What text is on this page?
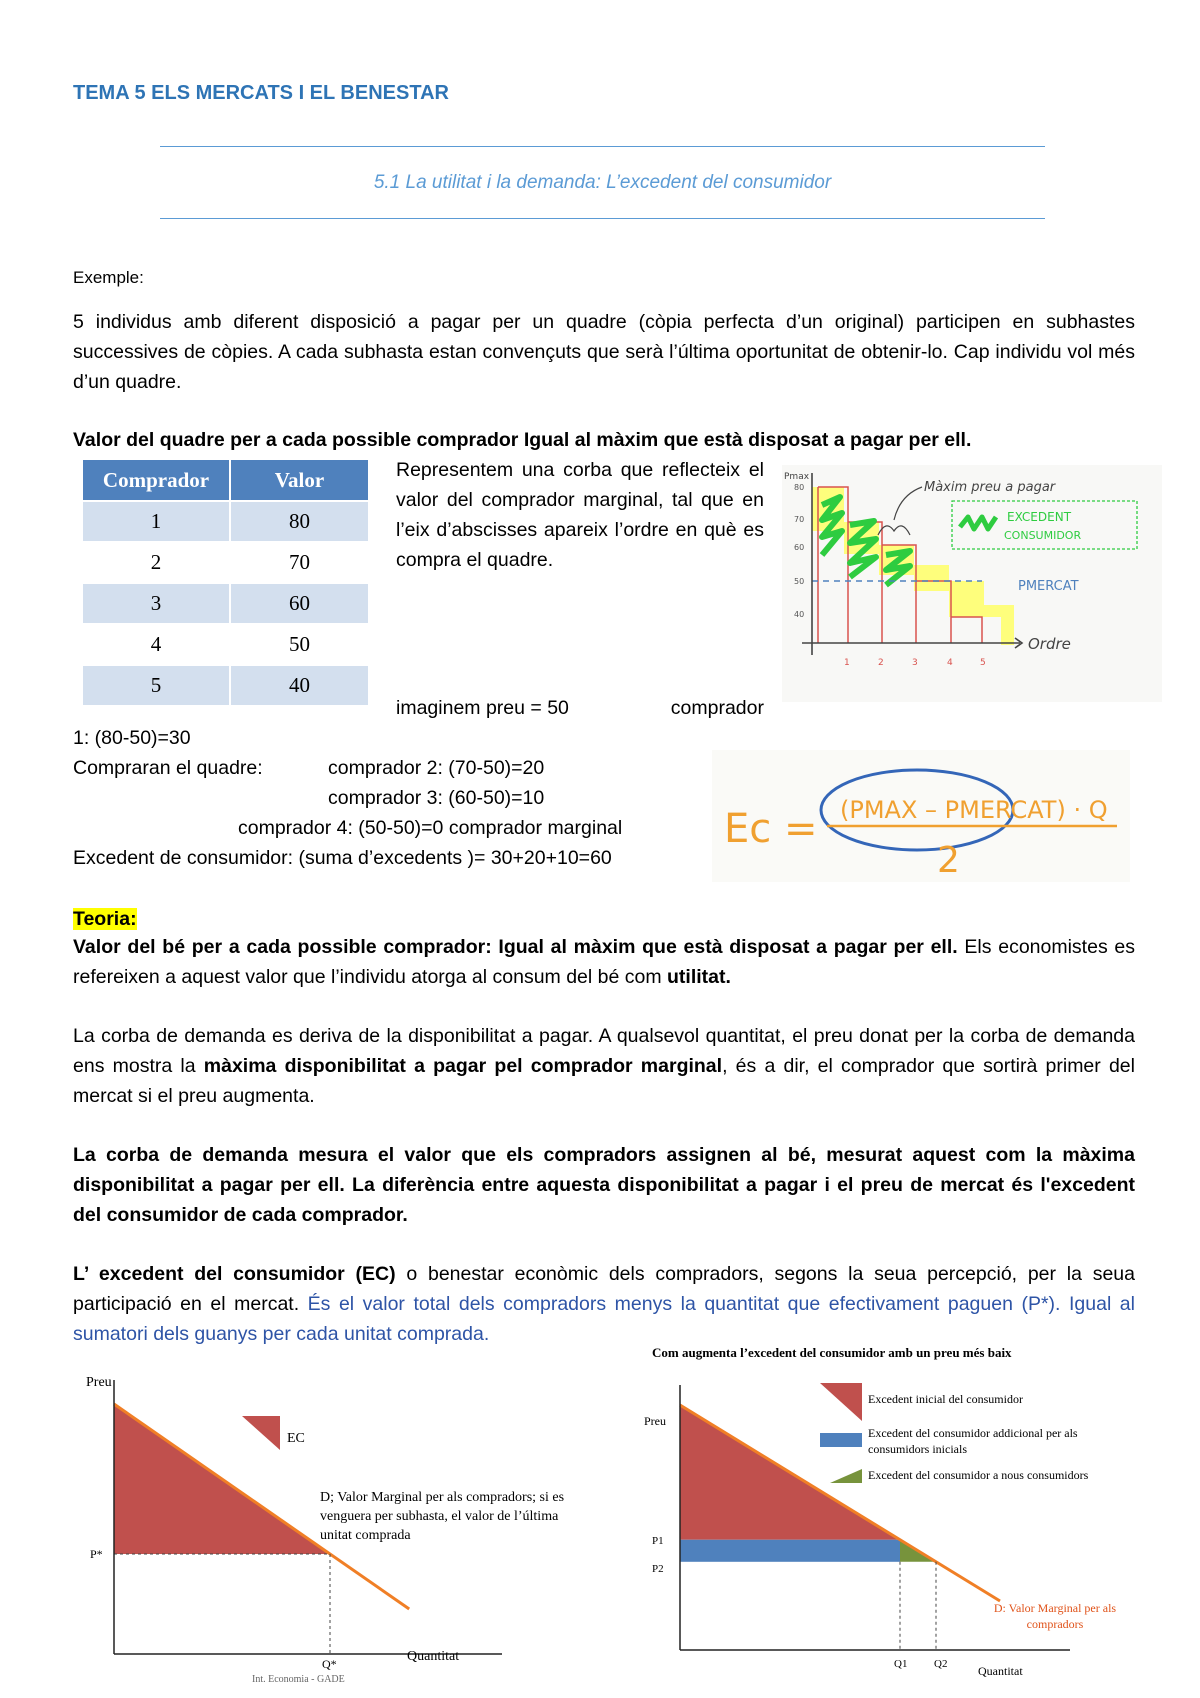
TEMA 5 ELS MERCATS I EL BENESTAR
5.1 La utilitat i la demanda: L’excedent del consumidor
Exemple:
5 individus amb diferent disposició a pagar per un quadre (còpia perfecta d’un original) participen en subhastes successives de còpies. A cada subhasta estan convençuts que serà l’última oportunitat de obtenir-lo. Cap individu vol més d’un quadre.
Valor del quadre per a cada possible comprador Igual al màxim que està disposat a pagar per ell.
Comprador	Valor
1	80
2	70
3	60
4	50
5	40
Representem una corba que reflecteix el valor del comprador marginal, tal que en l’eix d’abscisses apareix l’ordre en què es compra el quadre.
Pmax
80
70
60
50
40
1	2	3	4	5
Ordre
Màxim preu a pagar
EXCEDENT
CONSUMIDOR
PMERCAT
imaginem preu = 50	comprador
1: (80-50)=30
Compraran el quadre:	comprador 2: (70-50)=20
comprador 3: (60-50)=10
comprador 4: (50-50)=0 comprador marginal
Excedent de consumidor: (suma d’excedents )= 30+20+10=60
Ec = (PMAX – PMERCAT) · Q
2
Teoria:
Valor del bé per a cada possible comprador: Igual al màxim que està disposat a pagar per ell. Els economistes es refereixen a aquest valor que l’individu atorga al consum del bé com utilitat.
La corba de demanda es deriva de la disponibilitat a pagar. A qualsevol quantitat, el preu donat per la corba de demanda ens mostra la màxima disponibilitat a pagar pel comprador marginal, és a dir, el comprador que sortirà primer del mercat si el preu augmenta.
La corba de demanda mesura el valor que els compradors assignen al bé, mesurat aquest com la màxima disponibilitat a pagar per ell. La diferència entre aquesta disponibilitat a pagar i el preu de mercat és l'excedent del consumidor de cada comprador.
L’ excedent del consumidor (EC) o benestar econòmic dels compradors, segons la seua percepció, per la seua participació en el mercat. És el valor total dels compradors menys la quantitat que efectivament paguen (P*). Igual al sumatori dels guanys per cada unitat comprada.
Preu
Quantitat
P*
Q*
EC
D; Valor Marginal per als compradors; si es venguera per subhasta, el valor de l’última unitat comprada
Int. Economia - GADE
Com augmenta l’excedent del consumidor amb un preu més baix
Preu
Quantitat
P1
P2
Q1 Q2
Excedent inicial del consumidor
Excedent del consumidor addicional per als consumidors inicials
Excedent del consumidor a nous consumidors
D: Valor Marginal per als compradors
